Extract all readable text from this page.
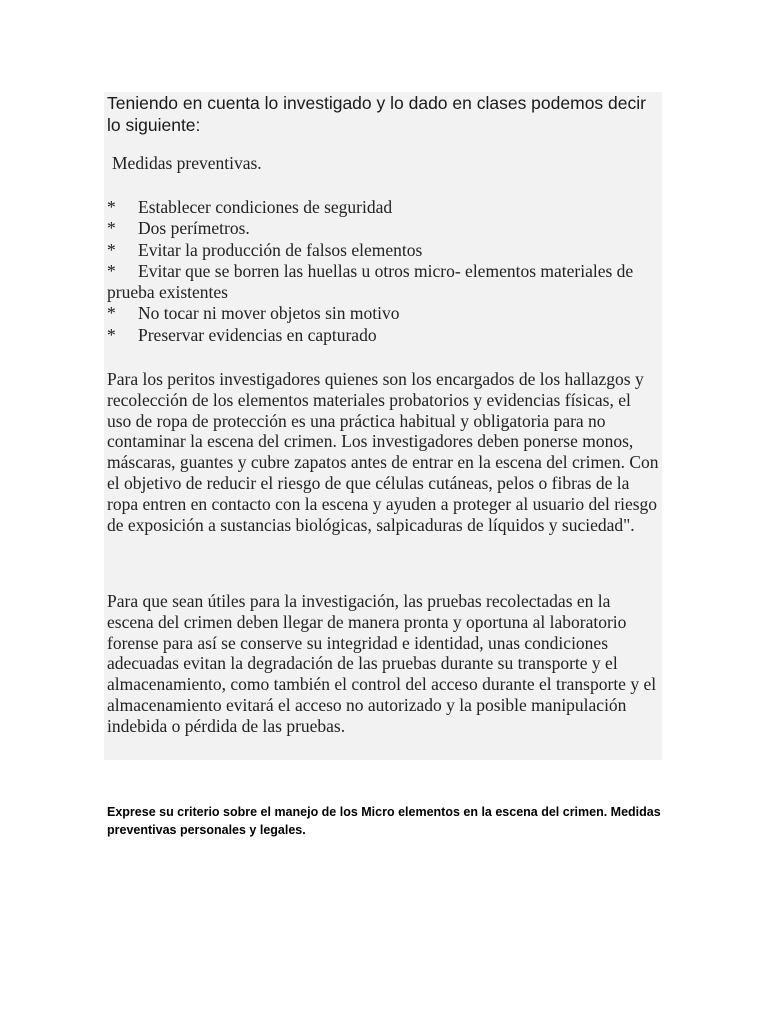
Teniendo en cuenta lo investigado y lo dado en clases podemos decir lo siguiente:

Medidas preventivas.

* Establecer condiciones de seguridad
* Dos perímetros.
* Evitar la producción de falsos elementos
* Evitar que se borren las huellas u otros micro- elementos materiales de prueba existentes
* No tocar ni mover objetos sin motivo
* Preservar evidencias en capturado

Para los peritos investigadores quienes son los encargados de los hallazgos y recolección de los elementos materiales probatorios y evidencias físicas, el uso de ropa de protección es una práctica habitual y obligatoria para no contaminar la escena del crimen. Los investigadores deben ponerse monos, máscaras, guantes y cubre zapatos antes de entrar en la escena del crimen. Con el objetivo de reducir el riesgo de que células cutáneas, pelos o fibras de la ropa entren en contacto con la escena y ayuden a proteger al usuario del riesgo de exposición a sustancias biológicas, salpicaduras de líquidos y suciedad".

Para que sean útiles para la investigación, las pruebas recolectadas en la escena del crimen deben llegar de manera pronta y oportuna al laboratorio forense para así se conserve su integridad e identidad, unas condiciones adecuadas evitan la degradación de las pruebas durante su transporte y el almacenamiento, como también el control del acceso durante el transporte y el almacenamiento evitará el acceso no autorizado y la posible manipulación indebida o pérdida de las pruebas.

Exprese su criterio sobre el manejo de los Micro elementos en la escena del crimen. Medidas preventivas personales y legales.
